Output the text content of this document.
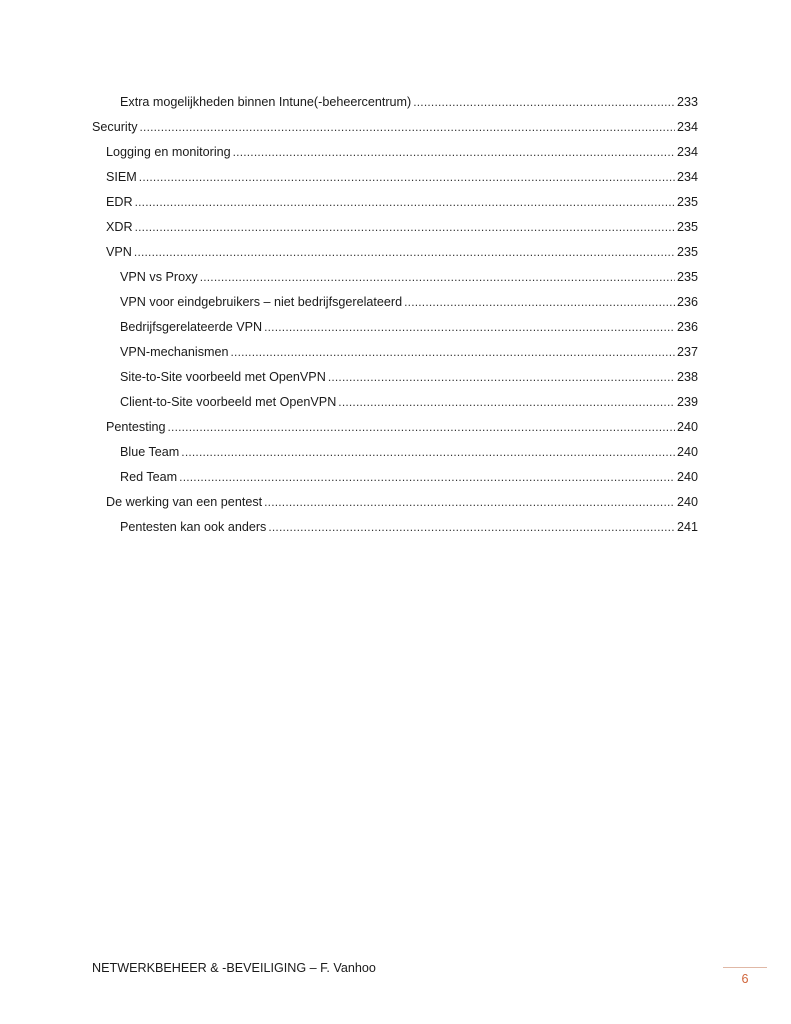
Extra mogelijkheden binnen Intune(-beheercentrum) .....	233
Security .....	234
Logging en monitoring .....	234
SIEM .....	234
EDR .....	235
XDR .....	235
VPN .....	235
VPN vs Proxy .....	235
VPN voor eindgebruikers – niet bedrijfsgerelateerd .....	236
Bedrijfsgerelateerde VPN .....	236
VPN-mechanismen .....	237
Site-to-Site voorbeeld met OpenVPN .....	238
Client-to-Site voorbeeld met OpenVPN .....	239
Pentesting .....	240
Blue Team .....	240
Red Team .....	240
De werking van een pentest .....	240
Pentesten kan ook anders .....	241
NETWERKBEHEER & -BEVEILIGING – F. Vanhoo
6
